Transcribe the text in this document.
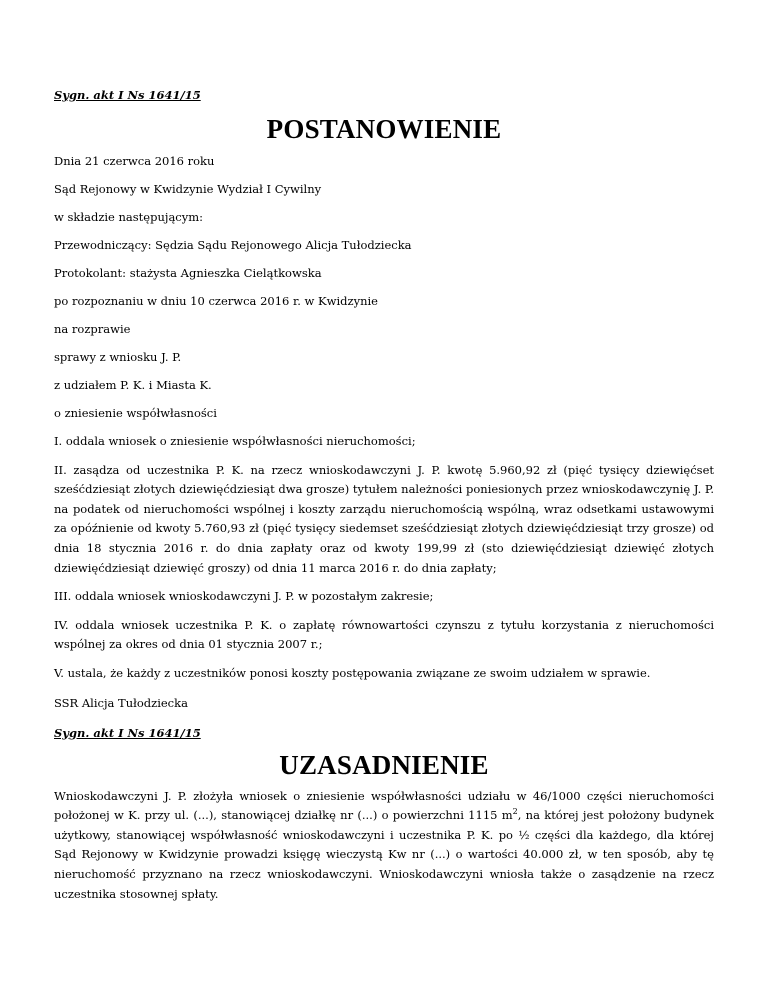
Sygn. akt I Ns 1641/15

POSTANOWIENIE

Dnia 21 czerwca 2016 roku

Sąd Rejonowy w Kwidzynie Wydział I Cywilny

w składzie następującym:

Przewodniczący: Sędzia Sądu Rejonowego Alicja Tułodziecka

Protokolant: stażysta Agnieszka Cielątkowska

po rozpoznaniu w dniu 10 czerwca 2016 r. w Kwidzynie

na rozprawie

sprawy z wniosku J. P.

z udziałem P. K. i Miasta K.

o zniesienie współwłasności

I. oddala wniosek o zniesienie współwłasności nieruchomości;

II. zasądza od uczestnika P. K. na rzecz wnioskodawczyni J. P. kwotę 5.960,92 zł (pięć tysięcy dziewięćset sześćdziesiąt złotych dziewięćdziesiąt dwa grosze) tytułem należności poniesionych przez wnioskodawczynię J. P. na podatek od nieruchomości wspólnej i koszty zarządu nieruchomością wspólną, wraz odsetkami ustawowymi za opóźnienie od kwoty 5.760,93 zł (pięć tysięcy siedemset sześćdziesiąt złotych dziewięćdziesiąt trzy grosze) od dnia 18 stycznia 2016 r. do dnia zapłaty oraz od kwoty 199,99 zł (sto dziewięćdziesiąt dziewięć złotych dziewięćdziesiąt dziewięć groszy) od dnia 11 marca 2016 r. do dnia zapłaty;

III. oddala wniosek wnioskodawczyni J. P. w pozostałym zakresie;

IV. oddala wniosek uczestnika P. K. o zapłatę równowartości czynszu z tytułu korzystania z nieruchomości wspólnej za okres od dnia 01 stycznia 2007 r.;

V. ustala, że każdy z uczestników ponosi koszty postępowania związane ze swoim udziałem w sprawie.

SSR Alicja Tułodziecka

Sygn. akt I Ns 1641/15

UZASADNIENIE

Wnioskodawczyni J. P. złożyła wniosek o zniesienie współwłasności udziału w 46/1000 części nieruchomości położonej w K. przy ul. (...), stanowiącej działkę nr (...) o powierzchni 1115 $m^2$, na której jest położony budynek użytkowy, stanowiącej współwłasność wnioskodawczyni i uczestnika P. K. po ½ części dla każdego, dla której Sąd Rejonowy w Kwidzynie prowadzi księgę wieczystą Kw nr (...) o wartości 40.000 zł, w ten sposób, aby tę nieruchomość przyznano na rzecz wnioskodawczyni. Wnioskodawczyni wniosła także o zasądzenie na rzecz uczestnika stosownej spłaty.
